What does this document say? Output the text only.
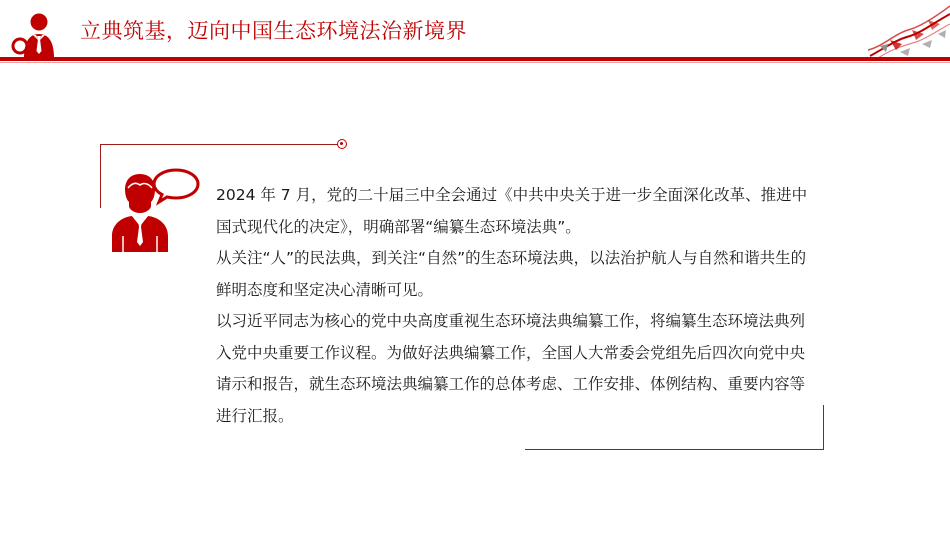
立典筑基，迈向中国生态环境法治新境界

2024 年 7 月，党的二十届三中全会通过《中共中央关于进一步全面深化改革、推进中国式现代化的决定》，明确部署“编纂生态环境法典”。

从关注“人”的民法典，到关注“自然”的生态环境法典，以法治护航人与自然和谐共生的鲜明态度和坚定决心清晰可见。

以习近平同志为核心的党中央高度重视生态环境法典编纂工作，将编纂生态环境法典列入党中央重要工作议程。为做好法典编纂工作，全国人大常委会党组先后四次向党中央请示和报告，就生态环境法典编纂工作的总体考虑、工作安排、体例结构、重要内容等进行汇报。
